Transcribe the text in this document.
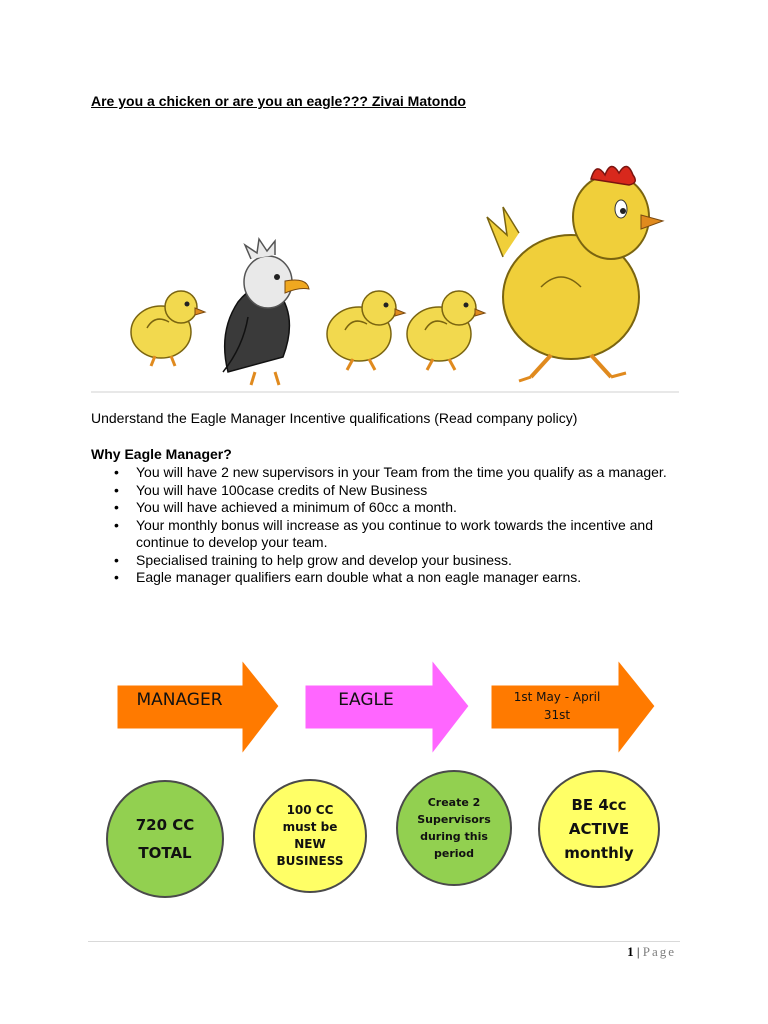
Are you a chicken or are you an eagle??? Zivai Matondo
Understand the Eagle Manager Incentive qualifications (Read company policy)
Why Eagle Manager?
• You will have 2 new supervisors in your Team from the time you qualify as a manager.
• You will have 100case credits of New Business
• You will have achieved a minimum of 60cc a month.
• Your monthly bonus will increase as you continue to work towards the incentive and continue to develop your team.
• Specialised training to help grow and develop your business.
• Eagle manager qualifiers earn double what a non eagle manager earns.
MANAGER	EAGLE	1st May - April 31st
720 CC
TOTAL
100 CC
must be
NEW
BUSINESS
Create 2
Supervisors
during this
period
BE 4cc
ACTIVE
monthly
1 | Page
